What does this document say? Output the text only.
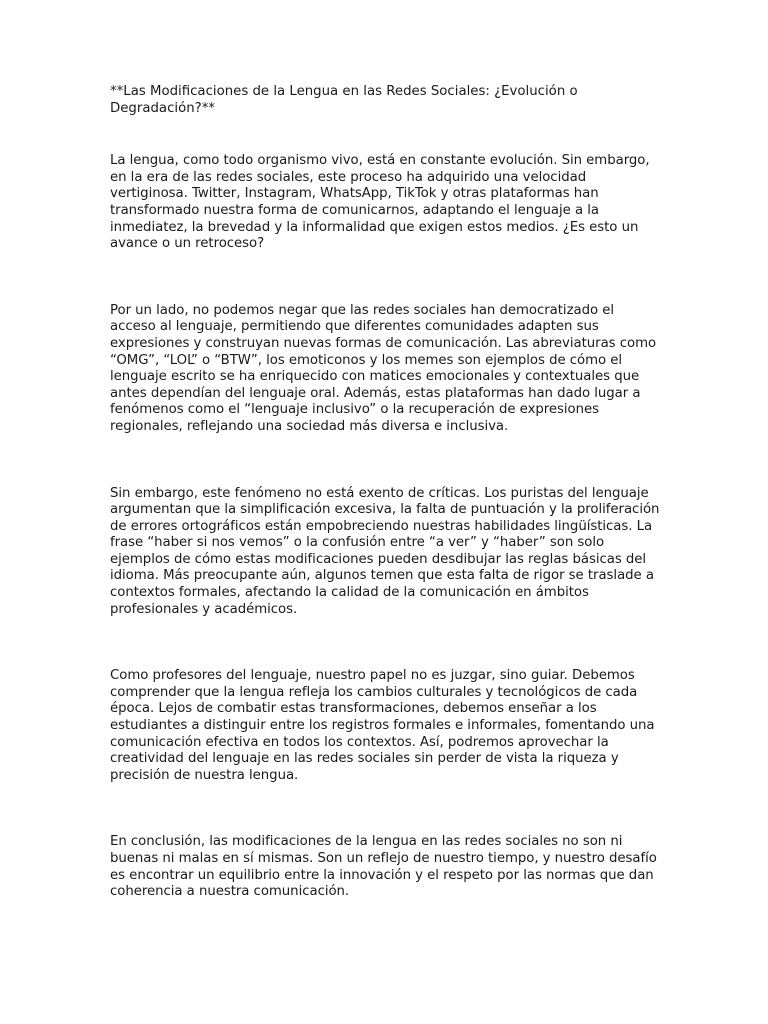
**Las Modificaciones de la Lengua en las Redes Sociales: ¿Evolución o Degradación?**

La lengua, como todo organismo vivo, está en constante evolución. Sin embargo, en la era de las redes sociales, este proceso ha adquirido una velocidad vertiginosa. Twitter, Instagram, WhatsApp, TikTok y otras plataformas han transformado nuestra forma de comunicarnos, adaptando el lenguaje a la inmediatez, la brevedad y la informalidad que exigen estos medios. ¿Es esto un avance o un retroceso?

Por un lado, no podemos negar que las redes sociales han democratizado el acceso al lenguaje, permitiendo que diferentes comunidades adapten sus expresiones y construyan nuevas formas de comunicación. Las abreviaturas como “OMG”, “LOL” o “BTW”, los emoticonos y los memes son ejemplos de cómo el lenguaje escrito se ha enriquecido con matices emocionales y contextuales que antes dependían del lenguaje oral. Además, estas plataformas han dado lugar a fenómenos como el “lenguaje inclusivo” o la recuperación de expresiones regionales, reflejando una sociedad más diversa e inclusiva.

Sin embargo, este fenómeno no está exento de críticas. Los puristas del lenguaje argumentan que la simplificación excesiva, la falta de puntuación y la proliferación de errores ortográficos están empobreciendo nuestras habilidades lingüísticas. La frase “haber si nos vemos” o la confusión entre “a ver” y “haber” son solo ejemplos de cómo estas modificaciones pueden desdibujar las reglas básicas del idioma. Más preocupante aún, algunos temen que esta falta de rigor se traslade a contextos formales, afectando la calidad de la comunicación en ámbitos profesionales y académicos.

Como profesores del lenguaje, nuestro papel no es juzgar, sino guiar. Debemos comprender que la lengua refleja los cambios culturales y tecnológicos de cada época. Lejos de combatir estas transformaciones, debemos enseñar a los estudiantes a distinguir entre los registros formales e informales, fomentando una comunicación efectiva en todos los contextos. Así, podremos aprovechar la creatividad del lenguaje en las redes sociales sin perder de vista la riqueza y precisión de nuestra lengua.

En conclusión, las modificaciones de la lengua en las redes sociales no son ni buenas ni malas en sí mismas. Son un reflejo de nuestro tiempo, y nuestro desafío es encontrar un equilibrio entre la innovación y el respeto por las normas que dan coherencia a nuestra comunicación.
